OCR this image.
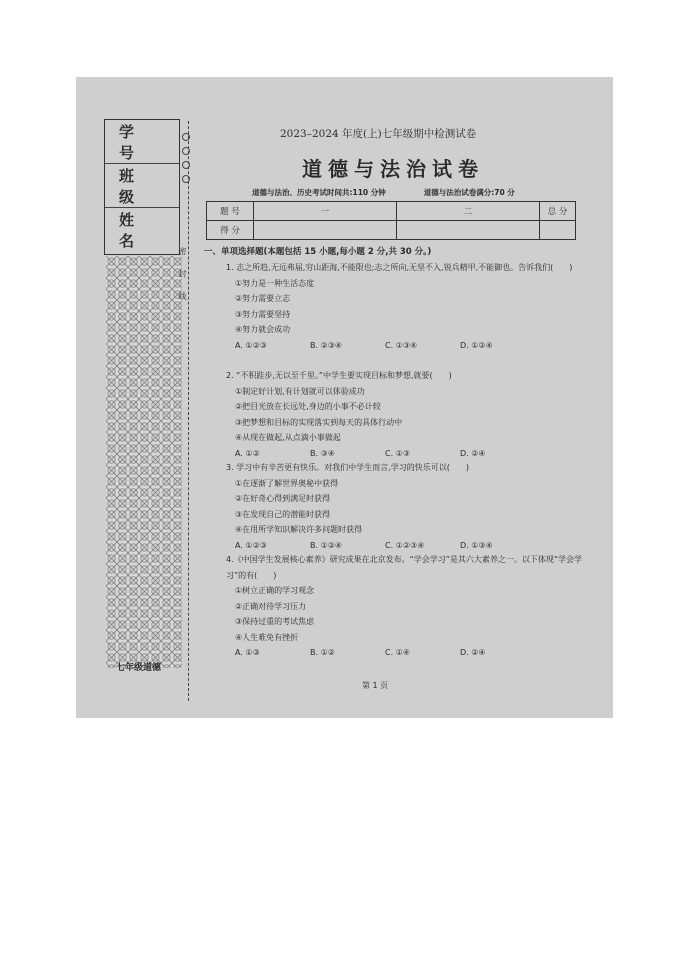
学 号
班 级
姓 名
七年级道德
密 封 线
2023–2024 年度(上)七年级期中检测试卷
道德与法治试卷
道德与法治、历史考试时间共:110 分钟	道德与法治试卷满分:70 分
题 号	一	二	总 分
得 分			
一、单项选择题(本题包括 15 小题,每小题 2 分,共 30 分。)
1. 志之所趋,无远弗届,穷山距海,不能限也;志之所向,无坚不入,锐兵精甲,不能御也。告诉我们(　　)
①努力是一种生活态度
②努力需要立志
③努力需要坚持
④努力就会成功
A. ①②③	B. ②③④	C. ①③④	D. ①②④
2. “不积跬步,无以至千里。”中学生要实现目标和梦想,就要(　　)
①制定好计划,有计划就可以体验成功
②把目光放在长远处,身边的小事不必计较
③把梦想和目标的实现落实到每天的具体行动中
④从现在做起,从点滴小事做起
A. ①②	B. ③④	C. ①③	D. ②④
3. 学习中有辛苦更有快乐。对我们中学生而言,学习的快乐可以(　　)
①在逐渐了解世界奥秘中获得
②在好奇心得到满足时获得
③在发现自己的潜能时获得
④在用所学知识解决许多问题时获得
A. ①②③	B. ①②④	C. ①②③④	D. ①③④
4.《中国学生发展核心素养》研究成果在北京发布。“学会学习”是其六大素养之一。以下体现“学会学习”的有(　　)
①树立正确的学习观念
②正确对待学习压力
③保持过重的考试焦虑
④人生难免有挫折
A. ①③	B. ①②	C. ①④	D. ②④
第 1 页
